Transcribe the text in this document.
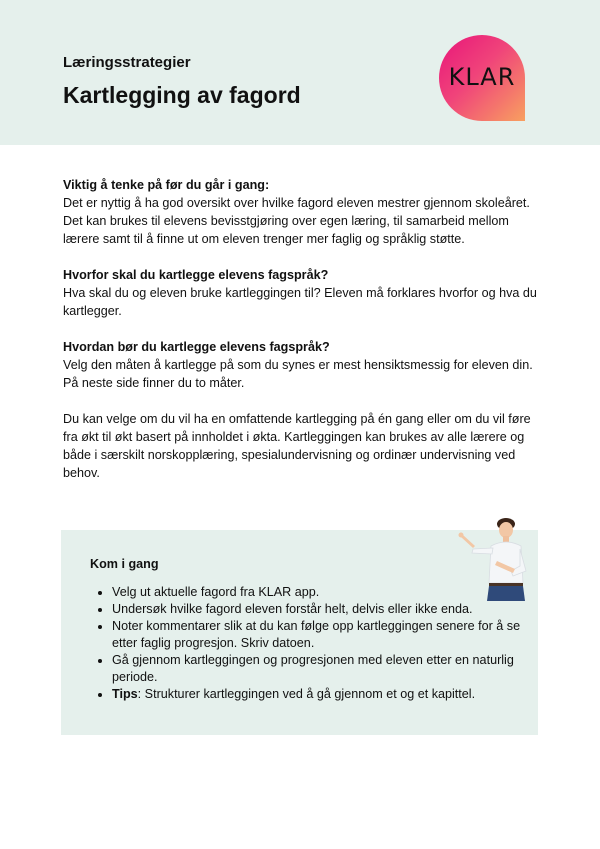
Læringsstrategier
Kartlegging av fagord
KLAR

Viktig å tenke på før du går i gang:
Det er nyttig å ha god oversikt over hvilke fagord eleven mestrer gjennom skoleåret. Det kan brukes til elevens bevisstgjøring over egen læring, til samarbeid mellom lærere samt til å finne ut om eleven trenger mer faglig og språklig støtte.

Hvorfor skal du kartlegge elevens fagspråk?
Hva skal du og eleven bruke kartleggingen til? Eleven må forklares hvorfor og hva du kartlegger.

Hvordan bør du kartlegge elevens fagspråk?
Velg den måten å kartlegge på som du synes er mest hensiktsmessig for eleven din. På neste side finner du to måter.

Du kan velge om du vil ha en omfattende kartlegging på én gang eller om du vil føre fra økt til økt basert på innholdet i økta. Kartleggingen kan brukes av alle lærere og både i særskilt norskopplæring, spesialundervisning og ordinær undervisning ved behov.

Kom i gang
• Velg ut aktuelle fagord fra KLAR app.
• Undersøk hvilke fagord eleven forstår helt, delvis eller ikke enda.
• Noter kommentarer slik at du kan følge opp kartleggingen senere for å se etter faglig progresjon. Skriv datoen.
• Gå gjennom kartleggingen og progresjonen med eleven etter en naturlig periode.
• Tips: Strukturer kartleggingen ved å gå gjennom et og et kapittel.
